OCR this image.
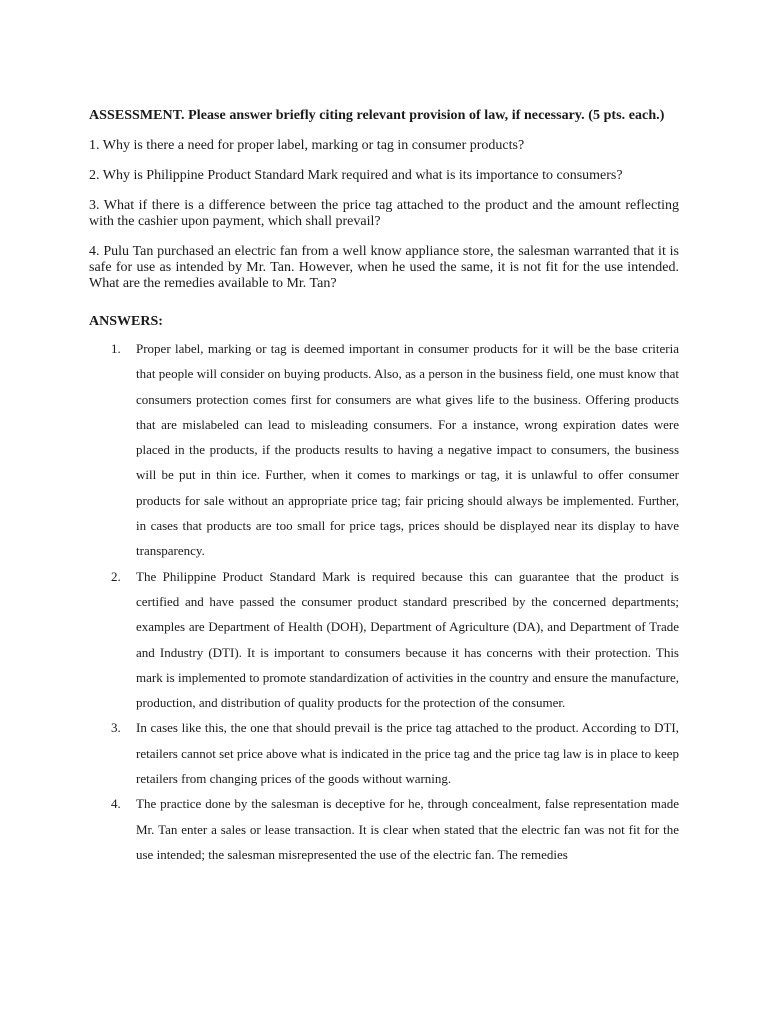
ASSESSMENT. Please answer briefly citing relevant provision of law, if necessary. (5 pts. each.)

1. Why is there a need for proper label, marking or tag in consumer products?

2. Why is Philippine Product Standard Mark required and what is its importance to consumers?

3. What if there is a difference between the price tag attached to the product and the amount reflecting with the cashier upon payment, which shall prevail?

4. Pulu Tan purchased an electric fan from a well know appliance store, the salesman warranted that it is safe for use as intended by Mr. Tan. However, when he used the same, it is not fit for the use intended. What are the remedies available to Mr. Tan?

ANSWERS:

1. Proper label, marking or tag is deemed important in consumer products for it will be the base criteria that people will consider on buying products. Also, as a person in the business field, one must know that consumers protection comes first for consumers are what gives life to the business. Offering products that are mislabeled can lead to misleading consumers. For a instance, wrong expiration dates were placed in the products, if the products results to having a negative impact to consumers, the business will be put in thin ice. Further, when it comes to markings or tag, it is unlawful to offer consumer products for sale without an appropriate price tag; fair pricing should always be implemented. Further, in cases that products are too small for price tags, prices should be displayed near its display to have transparency.
2. The Philippine Product Standard Mark is required because this can guarantee that the product is certified and have passed the consumer product standard prescribed by the concerned departments; examples are Department of Health (DOH), Department of Agriculture (DA), and Department of Trade and Industry (DTI). It is important to consumers because it has concerns with their protection. This mark is implemented to promote standardization of activities in the country and ensure the manufacture, production, and distribution of quality products for the protection of the consumer.
3. In cases like this, the one that should prevail is the price tag attached to the product. According to DTI, retailers cannot set price above what is indicated in the price tag and the price tag law is in place to keep retailers from changing prices of the goods without warning.
4. The practice done by the salesman is deceptive for he, through concealment, false representation made Mr. Tan enter a sales or lease transaction. It is clear when stated that the electric fan was not fit for the use intended; the salesman misrepresented the use of the electric fan. The remedies
